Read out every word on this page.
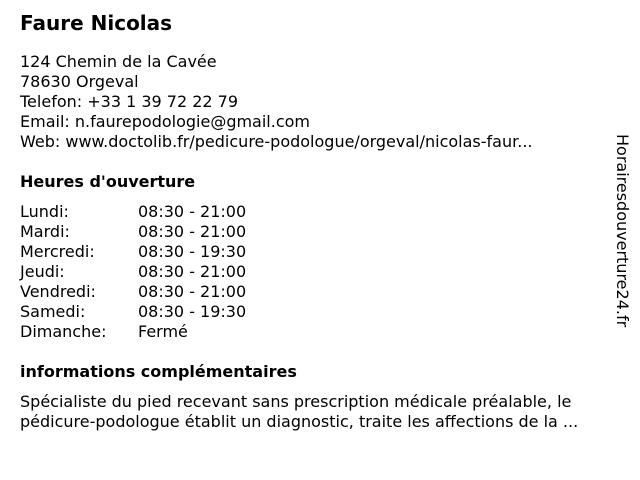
Faure Nicolas
124 Chemin de la Cavée
78630 Orgeval
Telefon: +33 1 39 72 22 79
Email: n.faurepodologie@gmail.com
Web: www.doctolib.fr/pedicure-podologue/orgeval/nicolas-faur...
Heures d'ouverture
Lundi:	08:30 - 21:00
Mardi:	08:30 - 21:00
Mercredi:	08:30 - 19:30
Jeudi:	08:30 - 21:00
Vendredi:	08:30 - 21:00
Samedi:	08:30 - 19:30
Dimanche:	Fermé
informations complémentaires
Spécialiste du pied recevant sans prescription médicale préalable, le
pédicure-podologue établit un diagnostic, traite les affections de la ...
Horairesdouverture24.fr
